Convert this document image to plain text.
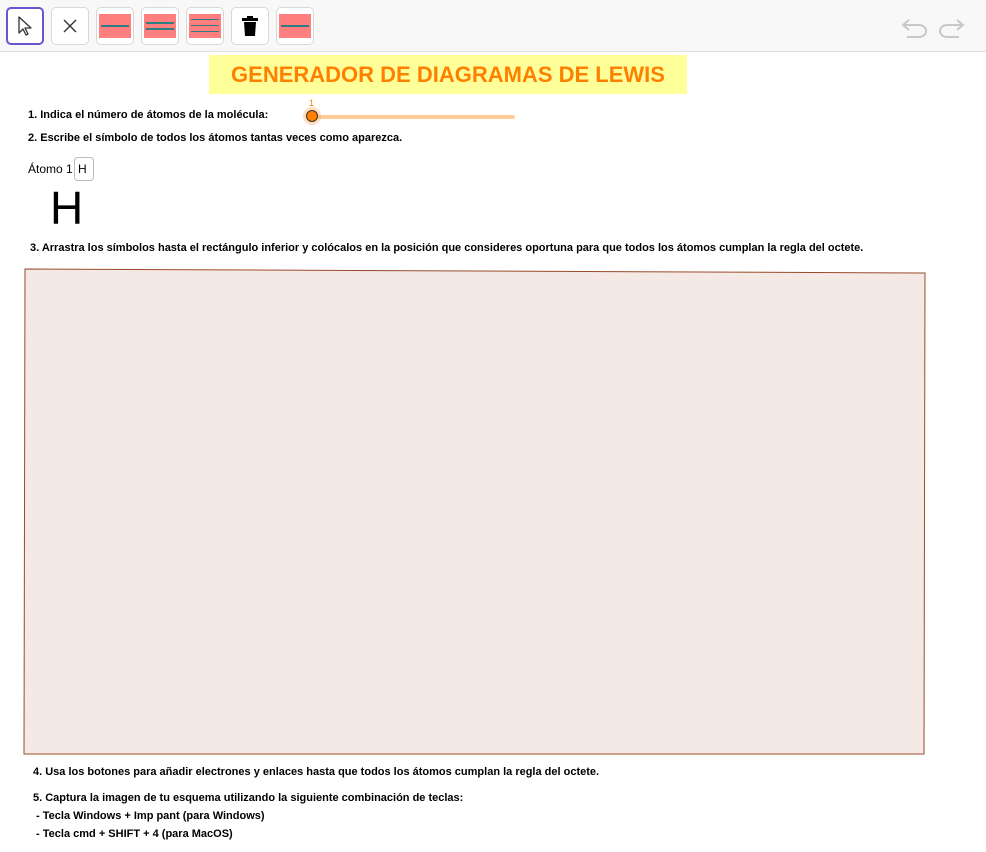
GENERADOR DE DIAGRAMAS DE LEWIS
1. Indica el número de átomos de la molécula:
1
2. Escribe el símbolo de todos los átomos tantas veces como aparezca.
Átomo 1
H
H
3. Arrastra los símbolos hasta el rectángulo inferior y colócalos en la posición que consideres oportuna para que todos los átomos cumplan la regla del octete.
4. Usa los botones para añadir electrones y enlaces hasta que todos los átomos cumplan la regla del octete.
5. Captura la imagen de tu esquema utilizando la siguiente combinación de teclas:
- Tecla Windows + Imp pant (para Windows)
- Tecla cmd + SHIFT + 4 (para MacOS)
